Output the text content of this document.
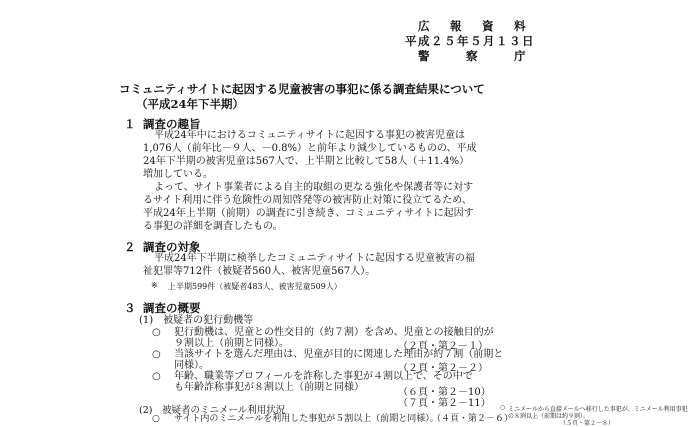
広　報　資　料
平成２５年５月１３日
警　　察　　庁
コミュニティサイトに起因する児童被害の事犯に係る調査結果について
（平成24年下半期）
１ 調査の趣旨
平成24年中におけるコミュニティサイトに起因する事犯の被害児童は
1,076人（前年比－９人、－0.8%）と前年より減少しているものの、平成
24年下半期の被害児童は567人で、上半期と比較して58人（＋11.4%）
増加している。
よって、サイト事業者による自主的取組の更なる強化や保護者等に対す
るサイト利用に伴う危険性の周知啓発等の被害防止対策に役立てるため、
平成24年上半期（前期）の調査に引き続き、コミュニティサイトに起因す
る事犯の詳細を調査したもの。
２ 調査の対象
平成24年下半期に検挙したコミュニティサイトに起因する児童被害の福
祉犯罪等712件（被疑者560人、被害児童567人）。
※ 上半期599件（被疑者483人、被害児童509人）
３ 調査の概要
(1)　被疑者の犯行動機等
○ 犯行動機は、児童との性交目的（約７割）を含め、児童との接触目的が
９割以上（前期と同様）。	（２頁・第２－１）
○ 当該サイトを選んだ理由は、児童が目的に関連した理由が約７割（前期と
同様）。	（２頁・第２－２）
○ 年齢、職業等プロフィールを詐称した事犯が４割以上で、その中で
も年齢詐称事犯が８割以上（前期と同様）	（６頁・第２－10）
（７頁・第２－11）
(2)　被疑者のミニメール利用状況
○ サイト内のミニメールを利用した事犯が５割以上（前期と同様）。
（４頁・第２－６）
○ ミニメールから直接メールへ移行した事犯が、ミニメール利用事犯
の８割以上（前期は約９割）。
（５頁・第２－８）
